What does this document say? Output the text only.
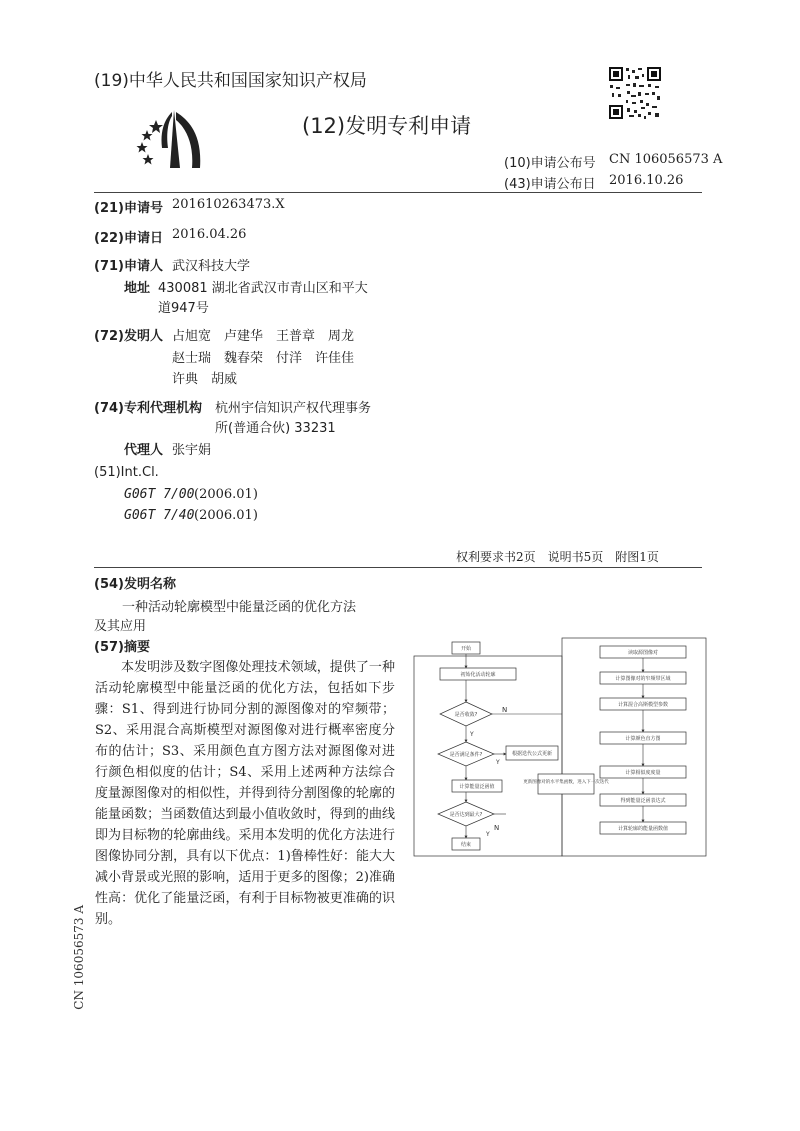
(19)中华人民共和国国家知识产权局
(12)发明专利申请
(10)申请公布号 CN 106056573 A
(43)申请公布日 2016.10.26
(21)申请号 201610263473.X
(22)申请日 2016.04.26
(71)申请人 武汉科技大学
地址 430081 湖北省武汉市青山区和平大
道947号
(72)发明人 占旭宽　卢建华　王普章　周龙
赵士瑞　魏春荣　付洋　许佳佳
许典　胡威
(74)专利代理机构 杭州宇信知识产权代理事务
所(普通合伙) 33231
代理人 张宇娟
(51)Int.Cl.
G06T 7/00 (2006.01)
G06T 7/40 (2006.01)
权利要求书2页　说明书5页　附图1页
(54)发明名称
一种活动轮廓模型中能量泛函的优化方法
及其应用
(57)摘要

本发明涉及数字图像处理技术领域，提供了一种活动轮廓模型中能量泛函的优化方法，包括如下步骤：S1、得到进行协同分割的源图像对的窄频带；S2、采用混合高斯模型对源图像对进行概率密度分布的估计；S3、采用颜色直方图方法对源图像对进行颜色相似度的估计；S4、采用上述两种方法综合度量源图像对的相似性，并得到待分割图像的轮廓的能量函数；当函数值达到最小值收敛时，得到的曲线即为目标物的轮廓曲线。采用本发明的优化方法进行图像协同分割，具有以下优点：1)鲁棒性好：能大大减小背景或光照的影响，适用于更多的图像；2)准确性高：优化了能量泛函，有利于目标物被更准确的识别。

CN 106056573 A
开始
初始化活动轮廓
是否收敛?
N
Y
是否满足条件?
Y
根据迭代公式更新
计算能量泛函值
更新图像对的水平集函数，进入下一次迭代
是否达到最大?
N
Y
结束
读取源图像对
计算图像对的窄频带区域
计算混合高斯模型参数
计算颜色直方图
计算相似度度量
得到能量泛函表达式
计算轮廓的能量函数值
